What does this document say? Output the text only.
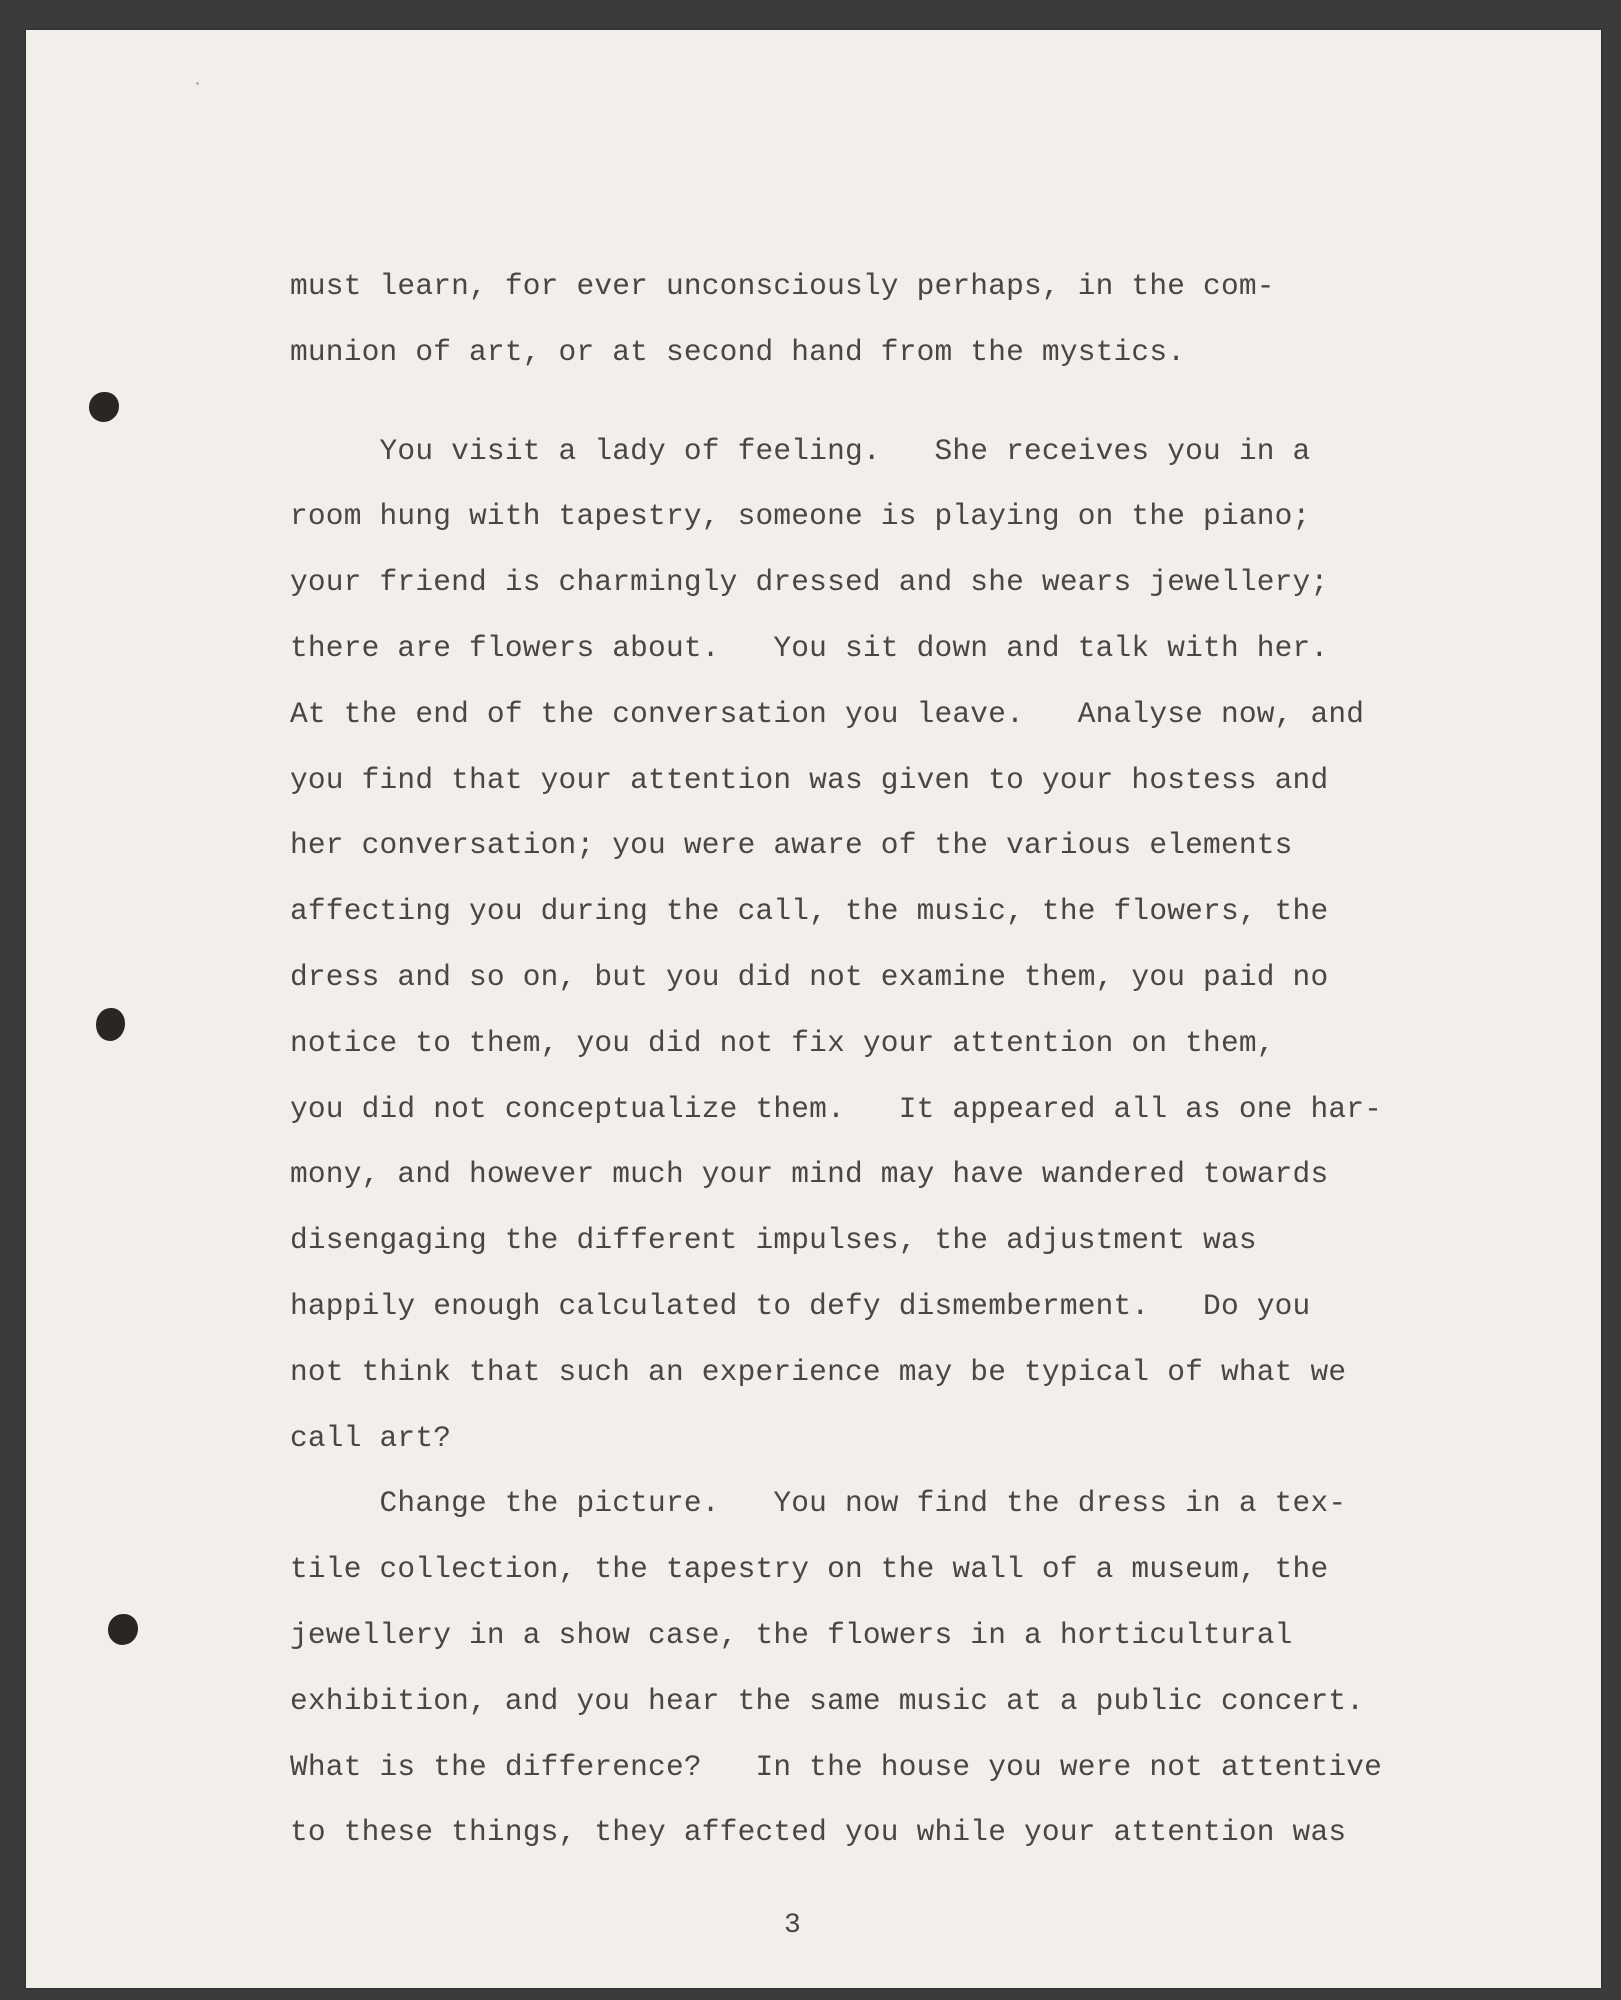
must learn, for ever unconsciously perhaps, in the com-
munion of art, or at second hand from the mystics.
You visit a lady of feeling.   She receives you in a
room hung with tapestry, someone is playing on the piano;
your friend is charmingly dressed and she wears jewellery;
there are flowers about.   You sit down and talk with her.
At the end of the conversation you leave.   Analyse now, and
you find that your attention was given to your hostess and
her conversation; you were aware of the various elements
affecting you during the call, the music, the flowers, the
dress and so on, but you did not examine them, you paid no
notice to them, you did not fix your attention on them,
you did not conceptualize them.   It appeared all as one har-
mony, and however much your mind may have wandered towards
disengaging the different impulses, the adjustment was
happily enough calculated to defy dismemberment.   Do you
not think that such an experience may be typical of what we
call art?
Change the picture.   You now find the dress in a tex-
tile collection, the tapestry on the wall of a museum, the
jewellery in a show case, the flowers in a horticultural
exhibition, and you hear the same music at a public concert.
What is the difference?   In the house you were not attentive
to these things, they affected you while your attention was
3
